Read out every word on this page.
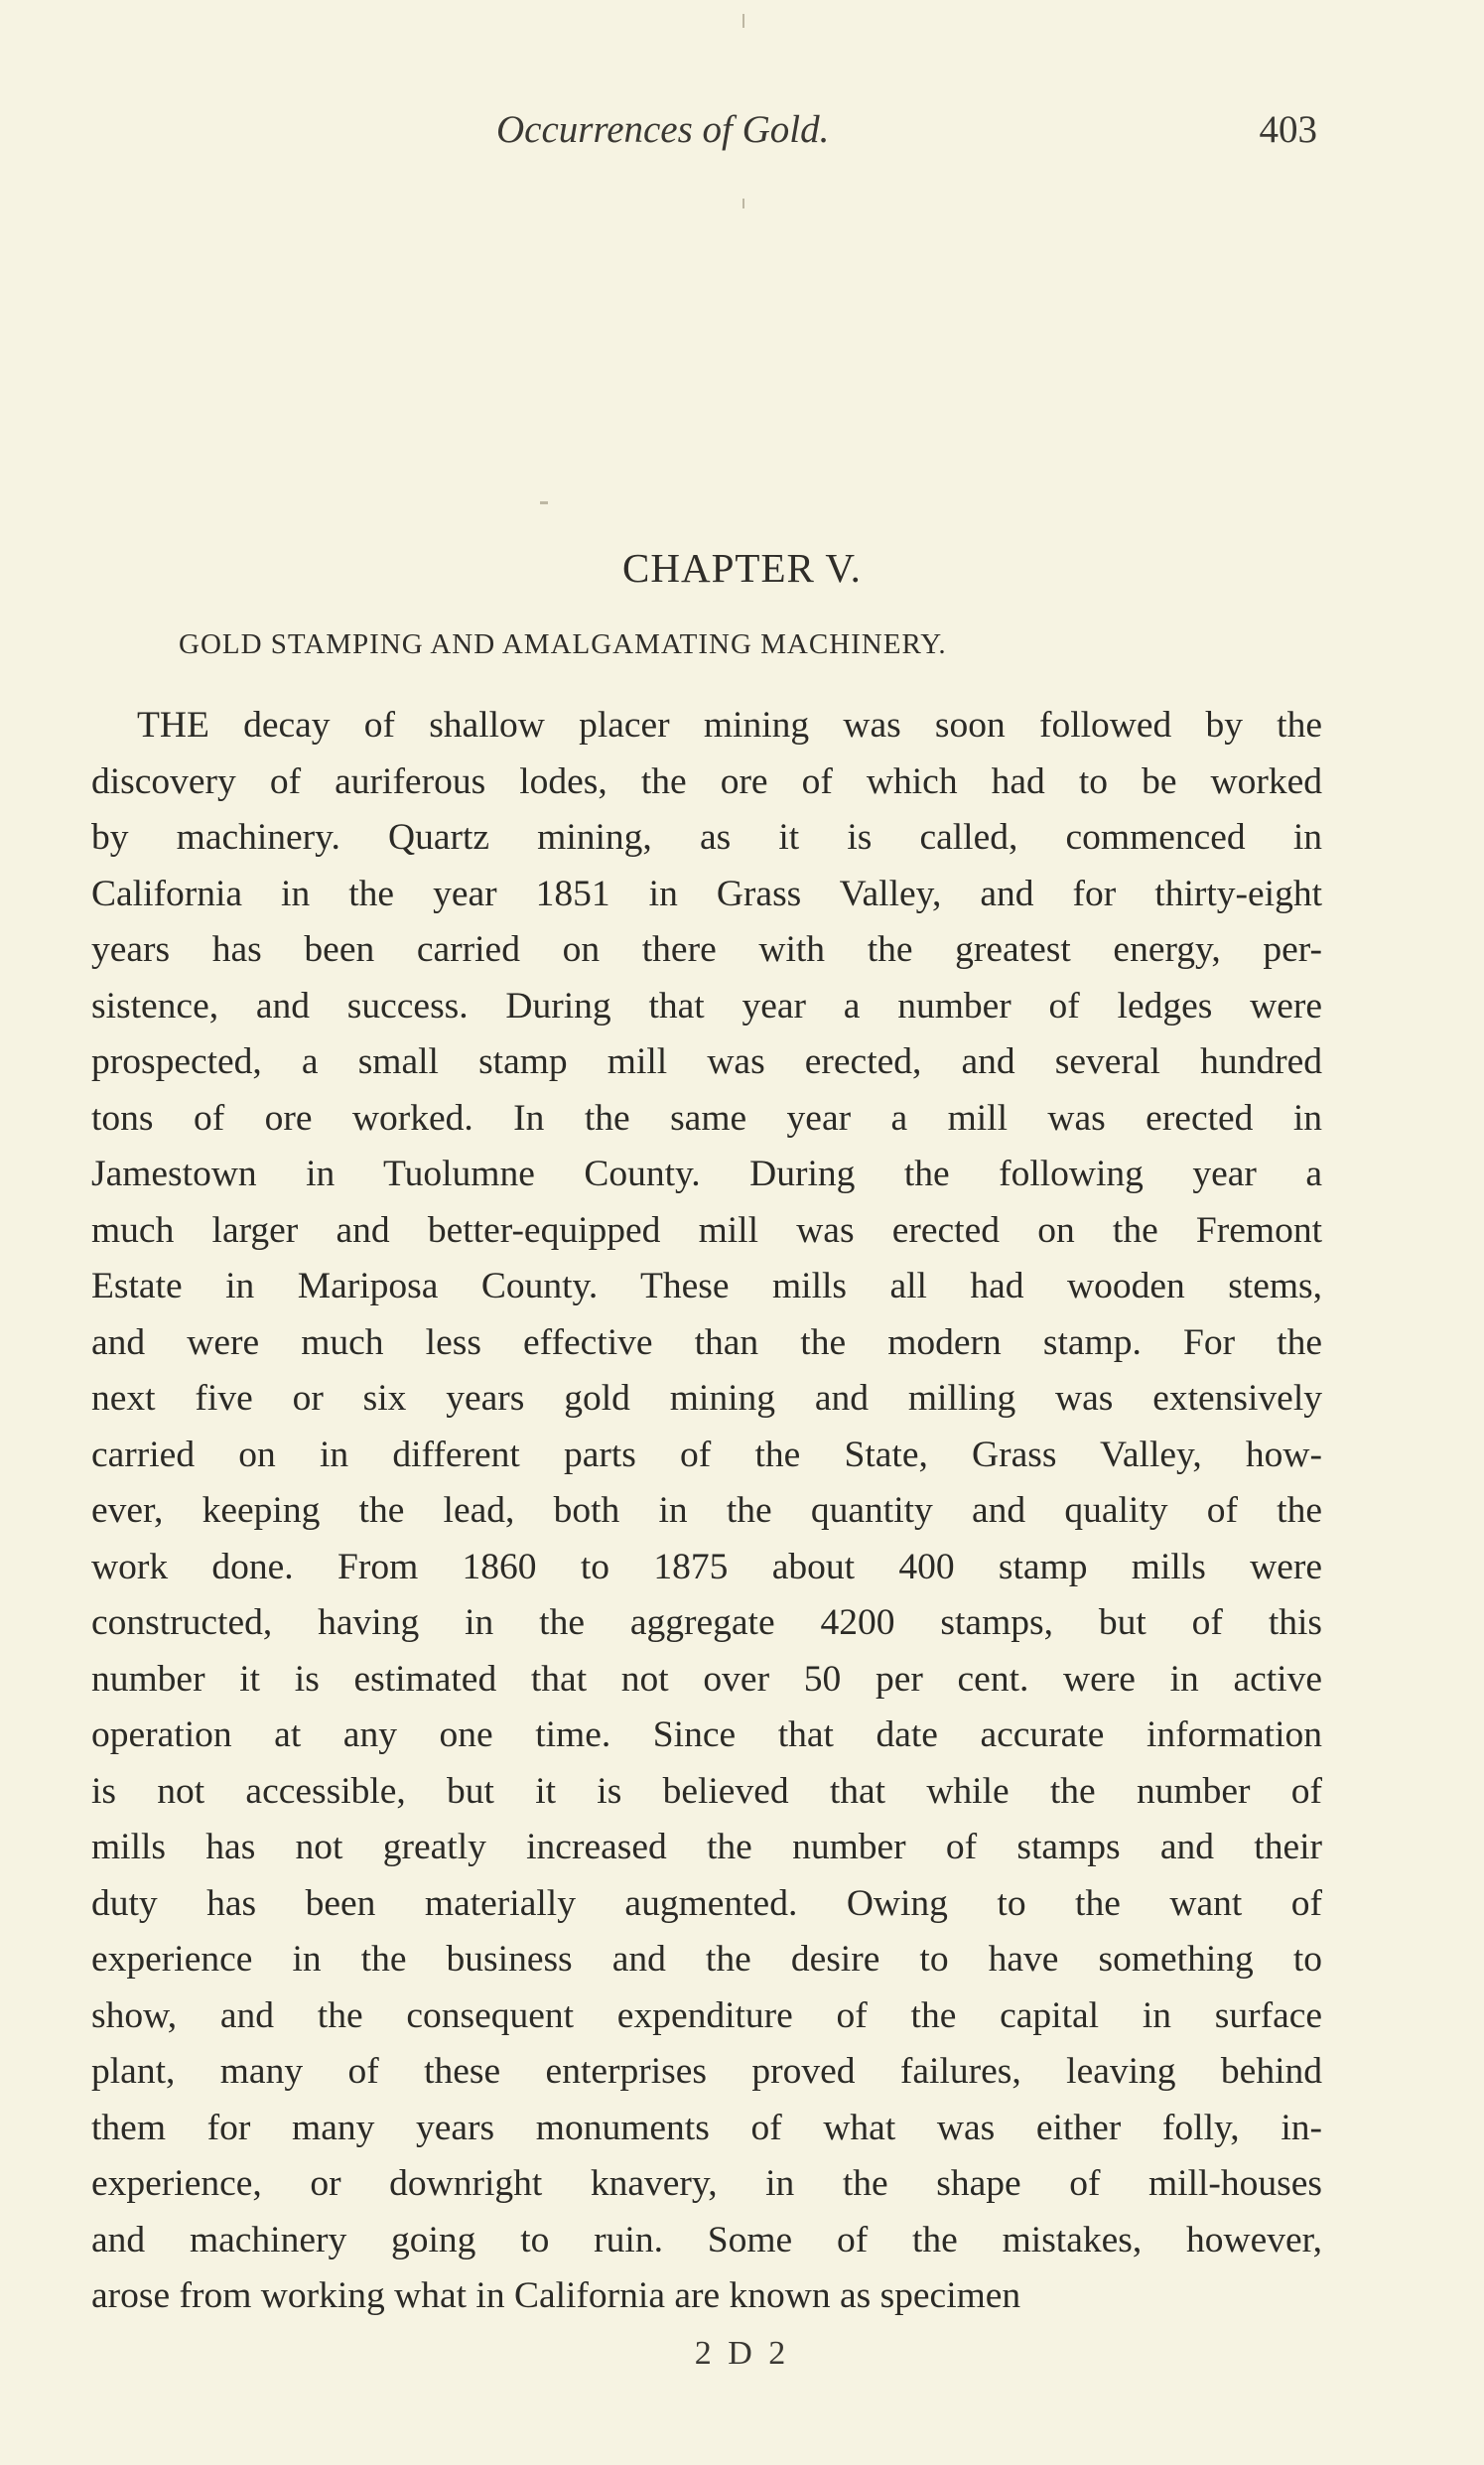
Occurrences of Gold.	403
CHAPTER V.
GOLD STAMPING AND AMALGAMATING MACHINERY.
THE decay of shallow placer mining was soon followed by the
discovery of auriferous lodes, the ore of which had to be worked
by machinery. Quartz mining, as it is called, commenced in
California in the year 1851 in Grass Valley, and for thirty-eight
years has been carried on there with the greatest energy, per-
sistence, and success. During that year a number of ledges were
prospected, a small stamp mill was erected, and several hundred
tons of ore worked. In the same year a mill was erected in
Jamestown in Tuolumne County. During the following year a
much larger and better-equipped mill was erected on the Fremont
Estate in Mariposa County. These mills all had wooden stems,
and were much less effective than the modern stamp. For the
next five or six years gold mining and milling was extensively
carried on in different parts of the State, Grass Valley, how-
ever, keeping the lead, both in the quantity and quality of the
work done. From 1860 to 1875 about 400 stamp mills were
constructed, having in the aggregate 4200 stamps, but of this
number it is estimated that not over 50 per cent. were in active
operation at any one time. Since that date accurate information
is not accessible, but it is believed that while the number of
mills has not greatly increased the number of stamps and their
duty has been materially augmented. Owing to the want of
experience in the business and the desire to have something to
show, and the consequent expenditure of the capital in surface
plant, many of these enterprises proved failures, leaving behind
them for many years monuments of what was either folly, in-
experience, or downright knavery, in the shape of mill-houses
and machinery going to ruin. Some of the mistakes, however,
arose from working what in California are known as specimen
2 D 2
